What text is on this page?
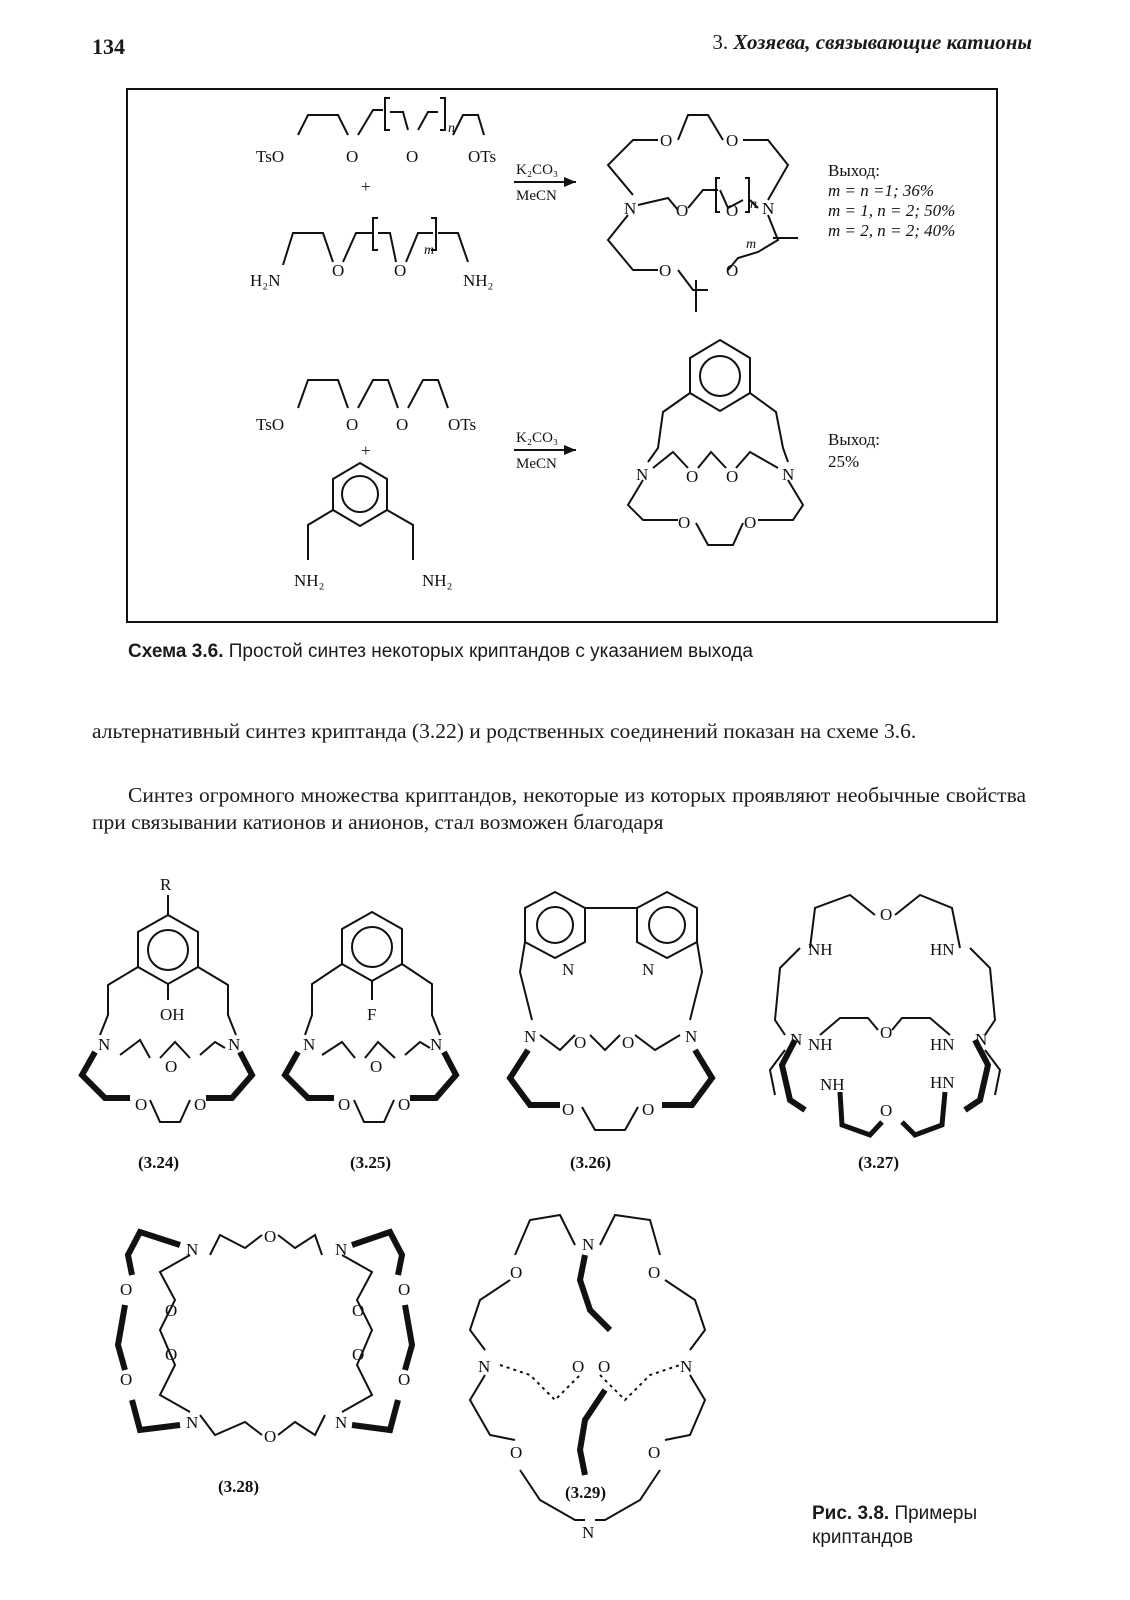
134	3. Хозяева, связывающие катионы
TsO	O	O	OTs
n
+
H₂N
O	O
NH₂
m
K₂CO₃
MeCN
O	O
N O O N
O	O
n
m
Выход:
m = n =1; 36%
m = 1, n = 2; 50%
m = 2, n = 2; 40%
TsO	O O OTs
+
NH₂	NH₂
K₂CO₃
MeCN
N O O	N
O	O
Выход:
25%
Схема 3.6. Простой синтез некоторых криптандов с указанием выхода
альтернативный синтез криптанда (3.22) и родственных соединений показан на схеме 3.6.
Синтез огромного множества криптандов, некоторые из которых проявляют необычные свойства при связывании катионов и анионов, стал возможен благодаря
R
OH
N	N
O
O	O
(3.24)
F
N	N
O
O	O
(3.25)
N	N
N	N
O O
O	O
(3.26)
O
NH	HN
N	N
NH
O
HN
NH	HN
O
(3.27)
N
O
N
O
O	O
O
O
O	O
O
N
O
N
(3.28)
N
O	O
N	O O	N
O	O
N
(3.29)
Рис. 3.8. Примеры
криптандов
